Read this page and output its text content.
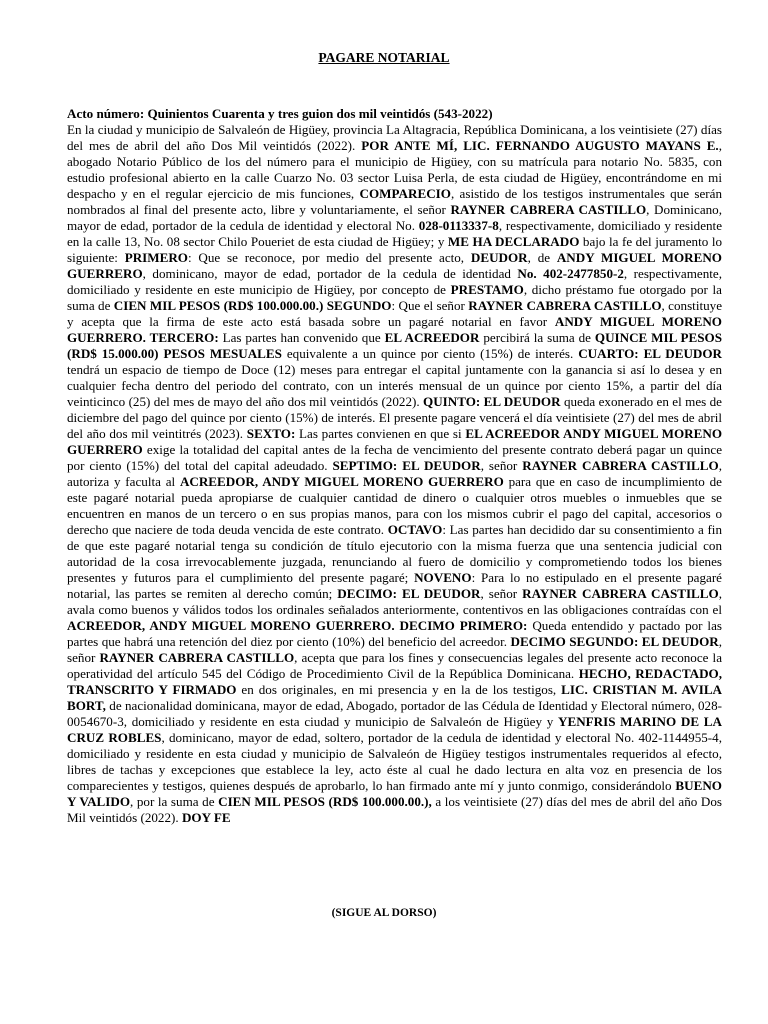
PAGARE NOTARIAL
Acto número: Quinientos Cuarenta y tres guion dos mil veintidós (543-2022)
En la ciudad y municipio de Salvaleón de Higüey, provincia La Altagracia, República Dominicana, a los veintisiete (27) días del mes de abril del año Dos Mil veintidós (2022). POR ANTE MÍ, LIC. FERNANDO AUGUSTO MAYANS E., abogado Notario Público de los del número para el municipio de Higüey, con su matrícula para notario No. 5835, con estudio profesional abierto en la calle Cuarzo No. 03 sector Luisa Perla, de esta ciudad de Higüey, encontrándome en mi despacho y en el regular ejercicio de mis funciones, COMPARECIO, asistido de los testigos instrumentales que serán nombrados al final del presente acto, libre y voluntariamente, el señor RAYNER CABRERA CASTILLO, Dominicano, mayor de edad, portador de la cedula de identidad y electoral No. 028-0113337-8, respectivamente, domiciliado y residente en la calle 13, No. 08 sector Chilo Poueriet de esta ciudad de Higüey; y ME HA DECLARADO bajo la fe del juramento lo siguiente: PRIMERO: Que se reconoce, por medio del presente acto, DEUDOR, de ANDY MIGUEL MORENO GUERRERO, dominicano, mayor de edad, portador de la cedula de identidad No. 402-2477850-2, respectivamente, domiciliado y residente en este municipio de Higüey, por concepto de PRESTAMO, dicho préstamo fue otorgado por la suma de CIEN MIL PESOS (RD$ 100.000.00.) SEGUNDO: Que el señor RAYNER CABRERA CASTILLO, constituye y acepta que la firma de este acto está basada sobre un pagaré notarial en favor ANDY MIGUEL MORENO GUERRERO. TERCERO: Las partes han convenido que EL ACREEDOR percibirá la suma de QUINCE MIL PESOS (RD$ 15.000.00) PESOS MESUALES equivalente a un quince por ciento (15%) de interés. CUARTO: EL DEUDOR tendrá un espacio de tiempo de Doce (12) meses para entregar el capital juntamente con la ganancia si así lo desea y en cualquier fecha dentro del periodo del contrato, con un interés mensual de un quince por ciento 15%, a partir del día veinticinco (25) del mes de mayo del año dos mil veintidós (2022). QUINTO: EL DEUDOR queda exonerado en el mes de diciembre del pago del quince por ciento (15%) de interés. El presente pagare vencerá el día veintisiete (27) del mes de abril del año dos mil veintitrés (2023). SEXTO: Las partes convienen en que si EL ACREEDOR ANDY MIGUEL MORENO GUERRERO exige la totalidad del capital antes de la fecha de vencimiento del presente contrato deberá pagar un quince por ciento (15%) del total del capital adeudado. SEPTIMO: EL DEUDOR, señor RAYNER CABRERA CASTILLO, autoriza y faculta al ACREEDOR, ANDY MIGUEL MORENO GUERRERO para que en caso de incumplimiento de este pagaré notarial pueda apropiarse de cualquier cantidad de dinero o cualquier otros muebles o inmuebles que se encuentren en manos de un tercero o en sus propias manos, para con los mismos cubrir el pago del capital, accesorios o derecho que naciere de toda deuda vencida de este contrato. OCTAVO: Las partes han decidido dar su consentimiento a fin de que este pagaré notarial tenga su condición de título ejecutorio con la misma fuerza que una sentencia judicial con autoridad de la cosa irrevocablemente juzgada, renunciando al fuero de domicilio y comprometiendo todos los bienes presentes y futuros para el cumplimiento del presente pagaré; NOVENO: Para lo no estipulado en el presente pagaré notarial, las partes se remiten al derecho común; DECIMO: EL DEUDOR, señor RAYNER CABRERA CASTILLO, avala como buenos y válidos todos los ordinales señalados anteriormente, contentivos en las obligaciones contraídas con el ACREEDOR, ANDY MIGUEL MORENO GUERRERO. DECIMO PRIMERO: Queda entendido y pactado por las partes que habrá una retención del diez por ciento (10%) del beneficio del acreedor. DECIMO SEGUNDO: EL DEUDOR, señor RAYNER CABRERA CASTILLO, acepta que para los fines y consecuencias legales del presente acto reconoce la operatividad del artículo 545 del Código de Procedimiento Civil de la República Dominicana. HECHO, REDACTADO, TRANSCRITO Y FIRMADO en dos originales, en mi presencia y en la de los testigos, LIC. CRISTIAN M. AVILA BORT, de nacionalidad dominicana, mayor de edad, Abogado, portador de las Cédula de Identidad y Electoral número, 028-0054670-3, domiciliado y residente en esta ciudad y municipio de Salvaleón de Higüey y YENFRIS MARINO DE LA CRUZ ROBLES, dominicano, mayor de edad, soltero, portador de la cedula de identidad y electoral No. 402-1144955-4, domiciliado y residente en esta ciudad y municipio de Salvaleón de Higüey testigos instrumentales requeridos al efecto, libres de tachas y excepciones que establece la ley, acto éste al cual he dado lectura en alta voz en presencia de los comparecientes y testigos, quienes después de aprobarlo, lo han firmado ante mí y junto conmigo, considerándolo BUENO Y VALIDO, por la suma de CIEN MIL PESOS (RD$ 100.000.00.), a los veintisiete (27) días del mes de abril del año Dos Mil veintidós (2022). DOY FE
(SIGUE AL DORSO)
